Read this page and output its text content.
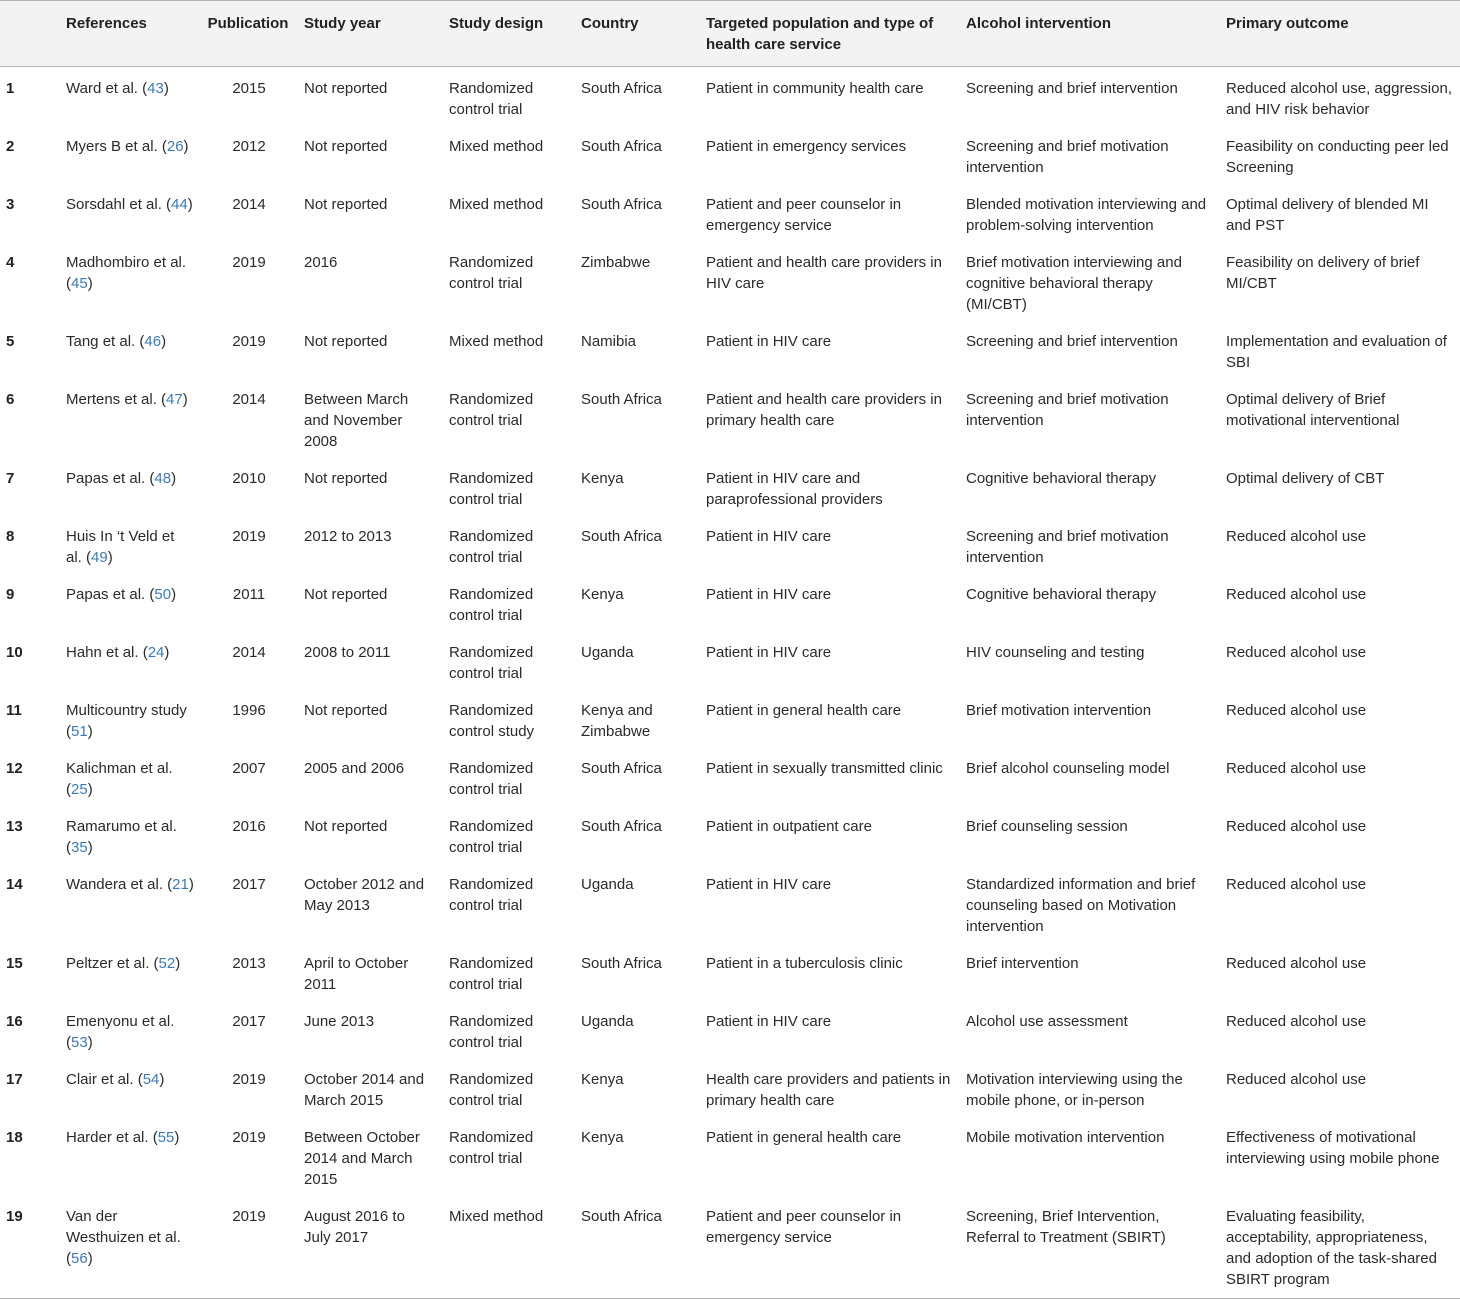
	References	Publication	Study year	Study design	Country	Targeted population and type of health care service	Alcohol intervention	Primary outcome
1	Ward et al. (43)	2015	Not reported	Randomized control trial	South Africa	Patient in community health care	Screening and brief intervention	Reduced alcohol use, aggression, and HIV risk behavior
2	Myers B et al. (26)	2012	Not reported	Mixed method	South Africa	Patient in emergency services	Screening and brief motivation intervention	Feasibility on conducting peer led Screening
3	Sorsdahl et al. (44)	2014	Not reported	Mixed method	South Africa	Patient and peer counselor in emergency service	Blended motivation interviewing and problem-solving intervention	Optimal delivery of blended MI and PST
4	Madhombiro et al. (45)	2019	2016	Randomized control trial	Zimbabwe	Patient and health care providers in HIV care	Brief motivation interviewing and cognitive behavioral therapy (MI/CBT)	Feasibility on delivery of brief MI/CBT
5	Tang et al. (46)	2019	Not reported	Mixed method	Namibia	Patient in HIV care	Screening and brief intervention	Implementation and evaluation of SBI
6	Mertens et al. (47)	2014	Between March and November 2008	Randomized control trial	South Africa	Patient and health care providers in primary health care	Screening and brief motivation intervention	Optimal delivery of Brief motivational interventional
7	Papas et al. (48)	2010	Not reported	Randomized control trial	Kenya	Patient in HIV care and paraprofessional providers	Cognitive behavioral therapy	Optimal delivery of CBT
8	Huis In ‘t Veld et al. (49)	2019	2012 to 2013	Randomized control trial	South Africa	Patient in HIV care	Screening and brief motivation intervention	Reduced alcohol use
9	Papas et al. (50)	2011	Not reported	Randomized control trial	Kenya	Patient in HIV care	Cognitive behavioral therapy	Reduced alcohol use
10	Hahn et al. (24)	2014	2008 to 2011	Randomized control trial	Uganda	Patient in HIV care	HIV counseling and testing	Reduced alcohol use
11	Multicountry study (51)	1996	Not reported	Randomized control study	Kenya and Zimbabwe	Patient in general health care	Brief motivation intervention	Reduced alcohol use
12	Kalichman et al. (25)	2007	2005 and 2006	Randomized control trial	South Africa	Patient in sexually transmitted clinic	Brief alcohol counseling model	Reduced alcohol use
13	Ramarumo et al. (35)	2016	Not reported	Randomized control trial	South Africa	Patient in outpatient care	Brief counseling session	Reduced alcohol use
14	Wandera et al. (21)	2017	October 2012 and May 2013	Randomized control trial	Uganda	Patient in HIV care	Standardized information and brief counseling based on Motivation intervention	Reduced alcohol use
15	Peltzer et al. (52)	2013	April to October 2011	Randomized control trial	South Africa	Patient in a tuberculosis clinic	Brief intervention	Reduced alcohol use
16	Emenyonu et al. (53)	2017	June 2013	Randomized control trial	Uganda	Patient in HIV care	Alcohol use assessment	Reduced alcohol use
17	Clair et al. (54)	2019	October 2014 and March 2015	Randomized control trial	Kenya	Health care providers and patients in primary health care	Motivation interviewing using the mobile phone, or in-person	Reduced alcohol use
18	Harder et al. (55)	2019	Between October 2014 and March 2015	Randomized control trial	Kenya	Patient in general health care	Mobile motivation intervention	Effectiveness of motivational interviewing using mobile phone
19	Van der Westhuizen et al. (56)	2019	August 2016 to July 2017	Mixed method	South Africa	Patient and peer counselor in emergency service	Screening, Brief Intervention, Referral to Treatment (SBIRT)	Evaluating feasibility, acceptability, appropriateness, and adoption of the task-shared SBIRT program
